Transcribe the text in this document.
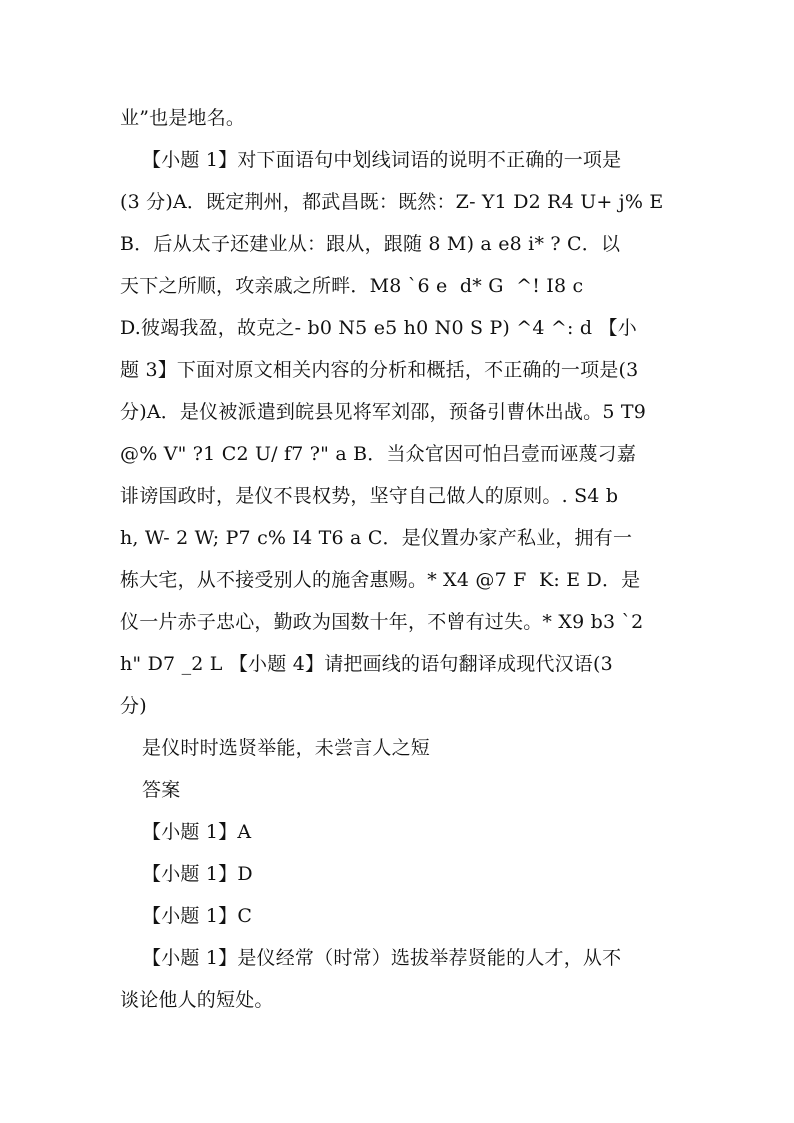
业”也是地名。
【小题 1】对下面语句中划线词语的说明不正确的一项是
(3 分)A．既定荆州，都武昌既：既然：Z- Y1 D2 R4 U+ j% E
B．后从太子还建业从：跟从，跟随 8 M) a e8 i* ? C．以
天下之所顺，攻亲戚之所畔．M8 `6 e  d* G  ^! I8 c
D.彼竭我盈，故克之- b0 N5 e5 h0 N0 S P) ^4 ^: d 【小
题 3】下面对原文相关内容的分析和概括，不正确的一项是(3
分)A．是仪被派遣到皖县见将军刘邵，预备引曹休出战。5 T9
@% V" ?1 C2 U/ f7 ?" a B．当众官因可怕吕壹而诬蔑刁嘉
诽谤国政时，是仪不畏权势，坚守自己做人的原则。. S4 b
h, W- 2 W; P7 c% I4 T6 a C．是仪置办家产私业，拥有一
栋大宅，从不接受别人的施舍惠赐。* X4 @7 F  K: E D．是
仪一片赤子忠心，勤政为国数十年，不曾有过失。* X9 b3 `2
h" D7 _2 L 【小题 4】请把画线的语句翻译成现代汉语(3
分)
是仪时时选贤举能，未尝言人之短
答案
【小题 1】A
【小题 1】D
【小题 1】C
【小题 1】是仪经常（时常）选拔举荐贤能的人才，从不
谈论他人的短处。
